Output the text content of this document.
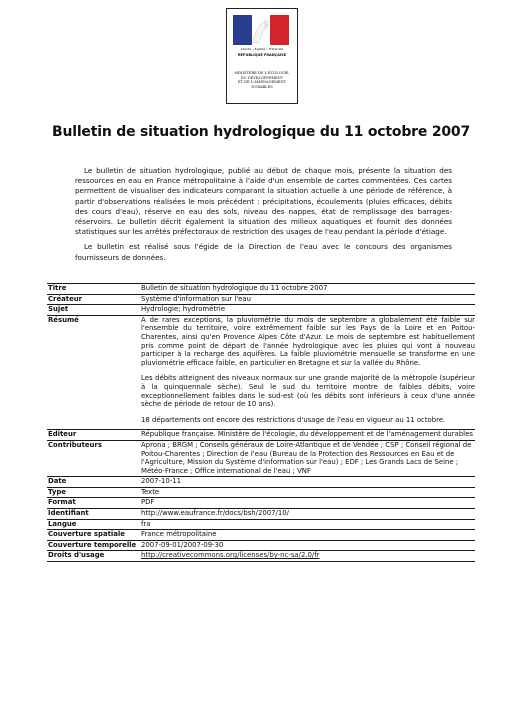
Liberté • Égalité • Fraternité
RÉPUBLIQUE FRANÇAISE
MINISTÈRE DE L'ÉCOLOGIE,
DU DÉVELOPPEMENT
ET DE L'AMÉNAGEMENT
DURABLES
Bulletin de situation hydrologique du 11 octobre 2007

Le bulletin de situation hydrologique, publié au début de chaque mois, présente la situation des ressources en eau en France métropolitaine à l'aide d'un ensemble de cartes commentées. Ces cartes permettent de visualiser des indicateurs comparant la situation actuelle à une période de référence, à partir d'observations réalisées le mois précédent : précipitations, écoulements (pluies efficaces, débits des cours d'eau), réserve en eau des sols, niveau des nappes, état de remplissage des barrages-réservoirs. Le bulletin décrit également la situation des milieux aquatiques et fournit des données statistiques sur les arrêtés préfectoraux de restriction des usages de l'eau pendant la période d'étiage.

Le bulletin est réalisé sous l'égide de la Direction de l'eau avec le concours des organismes fournisseurs de données.

Titre	Bulletin de situation hydrologique du 11 octobre 2007
Créateur	Système d'information sur l'eau
Sujet	Hydrologie; hydrométrie
Résumé	A de rares exceptions, la pluviométrie du mois de septembre a globalement été faible sur l'ensemble du territoire, voire extrêmement faible sur les Pays de la Loire et en Poitou-Charentes, ainsi qu'en Provence Alpes Côte d'Azur. Le mois de septembre est habituellement pris comme point de départ de l'année hydrologique avec les pluies qui vont à nouveau participer à la recharge des aquifères. La faible pluviométrie mensuelle se transforme en une pluviométrie efficace faible, en particulier en Bretagne et sur la vallée du Rhône.

Les débits atteignent des niveaux normaux sur une grande majorité de la métropole (supérieur à la quinquennale sèche). Seul le sud du territoire montre de faibles débits, voire exceptionnellement faibles dans le sud-est (où les débits sont inférieurs à ceux d'une année sèche de période de retour de 10 ans).

18 départements ont encore des restrictions d'usage de l'eau en vigueur au 11 octobre.

Éditeur	République française. Ministère de l'écologie, du développement et de l'aménagement durables
Contributeurs	Aprona ; BRGM ; Conseils généraux de Loire-Atlantique et de Vendée ; CSP ; Conseil régional de Poitou-Charentes ; Direction de l'eau (Bureau de la Protection des Ressources en Eau et de l'Agriculture, Mission du Système d'information sur l'eau) ; EDF ; Les Grands Lacs de Seine ; Météo-France ; Office international de l'eau ; VNF
Date	2007-10-11
Type	Texte
Format	PDF
Identifiant	http://www.eaufrance.fr/docs/bsh/2007/10/
Langue	fra
Couverture spatiale	France métropolitaine
Couverture temporelle	2007-09-01/2007-09-30
Droits d'usage	http://creativecommons.org/licenses/by-nc-sa/2.0/fr
